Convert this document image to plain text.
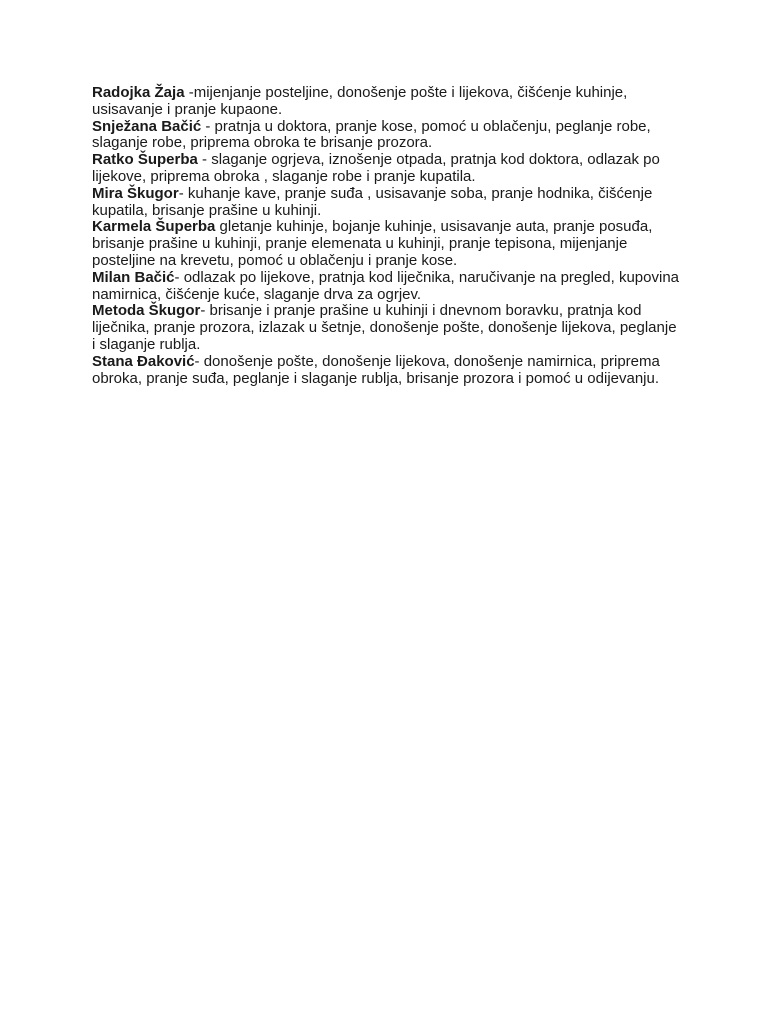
Radojka Žaja -mijenjanje posteljine, donošenje pošte i lijekova, čišćenje kuhinje, usisavanje i pranje kupaone.

Snježana Bačić - pratnja u doktora, pranje kose, pomoć u oblačenju, peglanje robe, slaganje robe, priprema obroka te brisanje prozora.

Ratko Šuperba - slaganje ogrjeva, iznošenje otpada, pratnja kod doktora, odlazak po lijekove, priprema obroka , slaganje robe i pranje kupatila.

Mira Škugor- kuhanje kave, pranje suđa , usisavanje soba, pranje hodnika, čišćenje kupatila, brisanje prašine u kuhinji.

Karmela Šuperba gletanje kuhinje, bojanje kuhinje, usisavanje auta, pranje posuđa, brisanje prašine u kuhinji, pranje elemenata u kuhinji, pranje tepisona, mijenjanje posteljine na krevetu, pomoć u oblačenju i pranje kose.

Milan Bačić- odlazak po lijekove, pratnja kod liječnika, naručivanje na pregled, kupovina namirnica, čišćenje kuće, slaganje drva za ogrjev.

Metoda Škugor- brisanje i pranje prašine u kuhinji i dnevnom boravku, pratnja kod liječnika, pranje prozora, izlazak u šetnje, donošenje pošte, donošenje lijekova, peglanje i slaganje rublja.

Stana Đaković- donošenje pošte, donošenje lijekova, donošenje namirnica, priprema obroka, pranje suđa, peglanje i slaganje rublja, brisanje prozora i pomoć u odijevanju.
